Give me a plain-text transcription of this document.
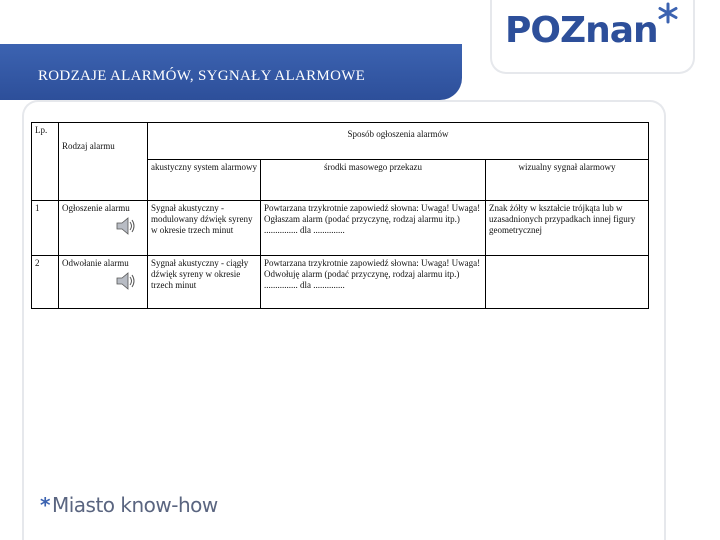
RODZAJE ALARMÓW, SYGNAŁY ALARMOWE
POZnan
Lp.	Rodzaj alarmu	Sposób ogłoszenia alarmów		
		akustyczny system alarmowy	środki masowego przekazu	wizualny sygnał alarmowy
1	Ogłoszenie alarmu	Sygnał akustyczny - modulowany dźwięk syreny w okresie trzech minut	Powtarzana trzykrotnie zapowiedź słowna: Uwaga! Uwaga! Ogłaszam alarm (podać przyczynę, rodzaj alarmu itp.) ............... dla ..............	Znak żółty w kształcie trójkąta lub w uzasadnionych przypadkach innej figury geometrycznej
2	Odwołanie alarmu	Sygnał akustyczny - ciągły dźwięk syreny w okresie trzech minut	Powtarzana trzykrotnie zapowiedź słowna: Uwaga! Uwaga! Odwołuję alarm (podać przyczynę, rodzaj alarmu itp.) ............... dla ..............	
* Miasto know-how
